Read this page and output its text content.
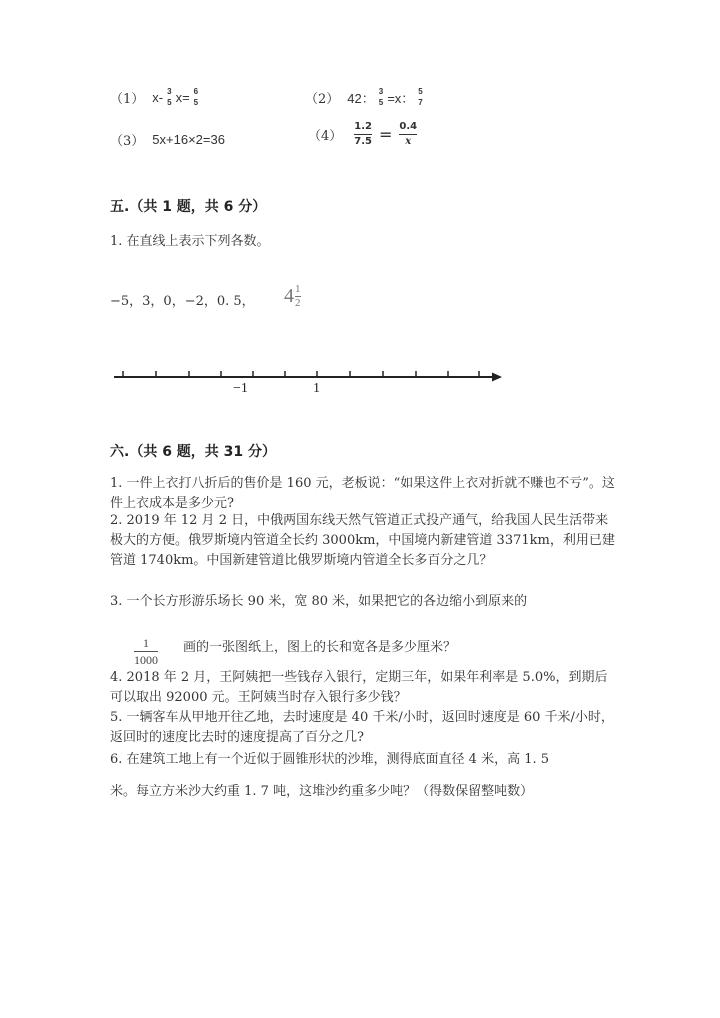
（1） x- 3
5 x= 6
5	（2） 42： 3
5 =x： 5
7
（3） 5x+16×2=36	$(4) \frac{1.2}{7.5} = \frac{0.4}{x}$
五.（共 1 题，共 6 分）
1. 在直线上表示下列各数。
−5，3，0，−2，0. 5， $4 \frac{1}{2}$
−1	1
六.（共 6 题，共 31 分）
1. 一件上衣打八折后的售价是 160 元，老板说：“如果这件上衣对折就不赚也不亏”。这件上衣成本是多少元?
2. 2019 年 12 月 2 日，中俄两国东线天然气管道正式投产通气，给我国人民生活带来极大的方便。俄罗斯境内管道全长约 3000km，中国境内新建管道 3371km，利用已建管道 1740km。中国新建管道比俄罗斯境内管道全长多百分之几？
3. 一个长方形游乐场长 90 米，宽 80 米，如果把它的各边缩小到原来的
$\frac{1}{1000}$ 画的一张图纸上，图上的长和宽各是多少厘米？
4. 2018 年 2 月，王阿姨把一些钱存入银行，定期三年，如果年利率是 5.0%，到期后可以取出 92000 元。王阿姨当时存入银行多少钱？
5. 一辆客车从甲地开往乙地，去时速度是 40 千米/小时，返回时速度是 60 千米/小时，返回时的速度比去时的速度提高了百分之几?
6. 在建筑工地上有一个近似于圆锥形状的沙堆，测得底面直径 4 米，高 1. 5
米。每立方米沙大约重 1. 7 吨，这堆沙约重多少吨？（得数保留整吨数）
